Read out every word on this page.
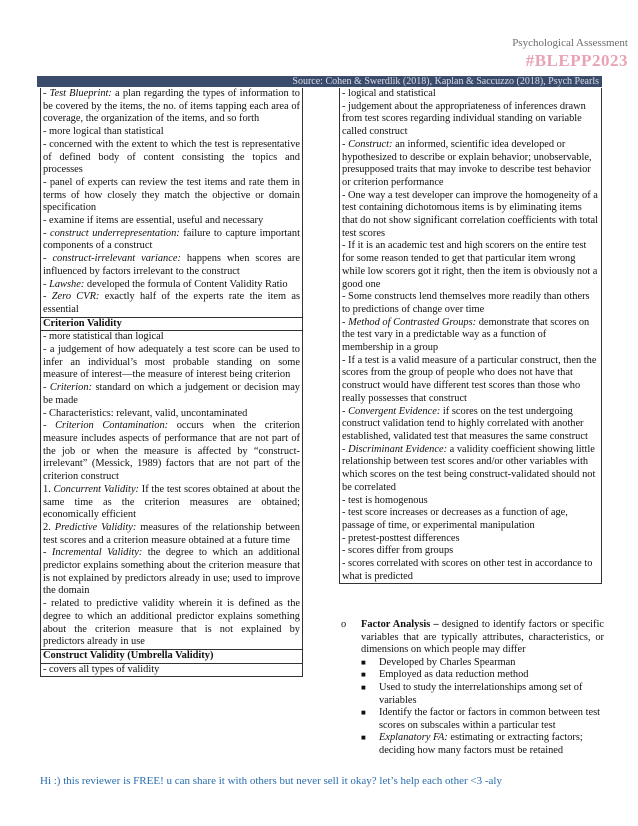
Psychological Assessment
#BLEPP2023
Source: Cohen & Swerdlik (2018), Kaplan & Saccuzzo (2018), Psych Pearls

- Test Blueprint: a plan regarding the types of information to be covered by the items, the no. of items tapping each area of coverage, the organization of the items, and so forth

- more logical than statistical

- concerned with the extent to which the test is representative of defined body of content consisting the topics and processes

- panel of experts can review the test items and rate them in terms of how closely they match the objective or domain specification

- examine if items are essential, useful and necessary

- construct underrepresentation: failure to capture important components of a construct

- construct-irrelevant variance: happens when scores are influenced by factors irrelevant to the construct

- Lawshe: developed the formula of Content Validity Ratio

- Zero CVR: exactly half of the experts rate the item as essential

Criterion Validity

- more statistical than logical

- a judgement of how adequately a test score can be used to infer an individual’s most probable standing on some measure of interest—the measure of interest being criterion

- Criterion: standard on which a judgement or decision may be made

- Characteristics: relevant, valid, uncontaminated

- Criterion Contamination: occurs when the criterion measure includes aspects of performance that are not part of the job or when the measure is affected by “construct-irrelevant” (Messick, 1989) factors that are not part of the criterion construct

1. Concurrent Validity: If the test scores obtained at about the same time as the criterion measures are obtained; economically efficient

2. Predictive Validity: measures of the relationship between test scores and a criterion measure obtained at a future time

- Incremental Validity: the degree to which an additional predictor explains something about the criterion measure that is not explained by predictors already in use; used to improve the domain

- related to predictive validity wherein it is defined as the degree to which an additional predictor explains something about the criterion measure that is not explained by predictors already in use

Construct Validity (Umbrella Validity)

- covers all types of validity

- logical and statistical

- judgement about the appropriateness of inferences drawn from test scores regarding individual standing on variable called construct

- Construct: an informed, scientific idea developed or hypothesized to describe or explain behavior; unobservable, presupposed traits that may invoke to describe test behavior or criterion performance

- One way a test developer can improve the homogeneity of a test containing dichotomous items is by eliminating items that do not show significant correlation coefficients with total test scores

- If it is an academic test and high scorers on the entire test for some reason tended to get that particular item wrong while low scorers got it right, then the item is obviously not a good one

- Some constructs lend themselves more readily than others to predictions of change over time

- Method of Contrasted Groups: demonstrate that scores on the test vary in a predictable way as a function of membership in a group

- If a test is a valid measure of a particular construct, then the scores from the group of people who does not have that construct would have different test scores than those who really possesses that construct

- Convergent Evidence: if scores on the test undergoing construct validation tend to highly correlated with another established, validated test that measures the same construct

- Discriminant Evidence: a validity coefficient showing little relationship between test scores and/or other variables with which scores on the test being construct-validated should not be correlated

- test is homogenous

- test score increases or decreases as a function of age, passage of time, or experimental manipulation

- pretest-posttest differences

- scores differ from groups

- scores correlated with scores on other test in accordance to what is predicted

o	Factor Analysis – designed to identify factors or specific variables that are typically attributes, characteristics, or dimensions on which people may differ
■	Developed by Charles Spearman
■	Employed as data reduction method
■	Used to study the interrelationships among set of variables
■	Identify the factor or factors in common between test scores on subscales within a particular test
■	Explanatory FA: estimating or extracting factors; deciding how many factors must be retained
Hi :) this reviewer is FREE! u can share it with others but never sell it okay? let’s help each other <3 -aly
